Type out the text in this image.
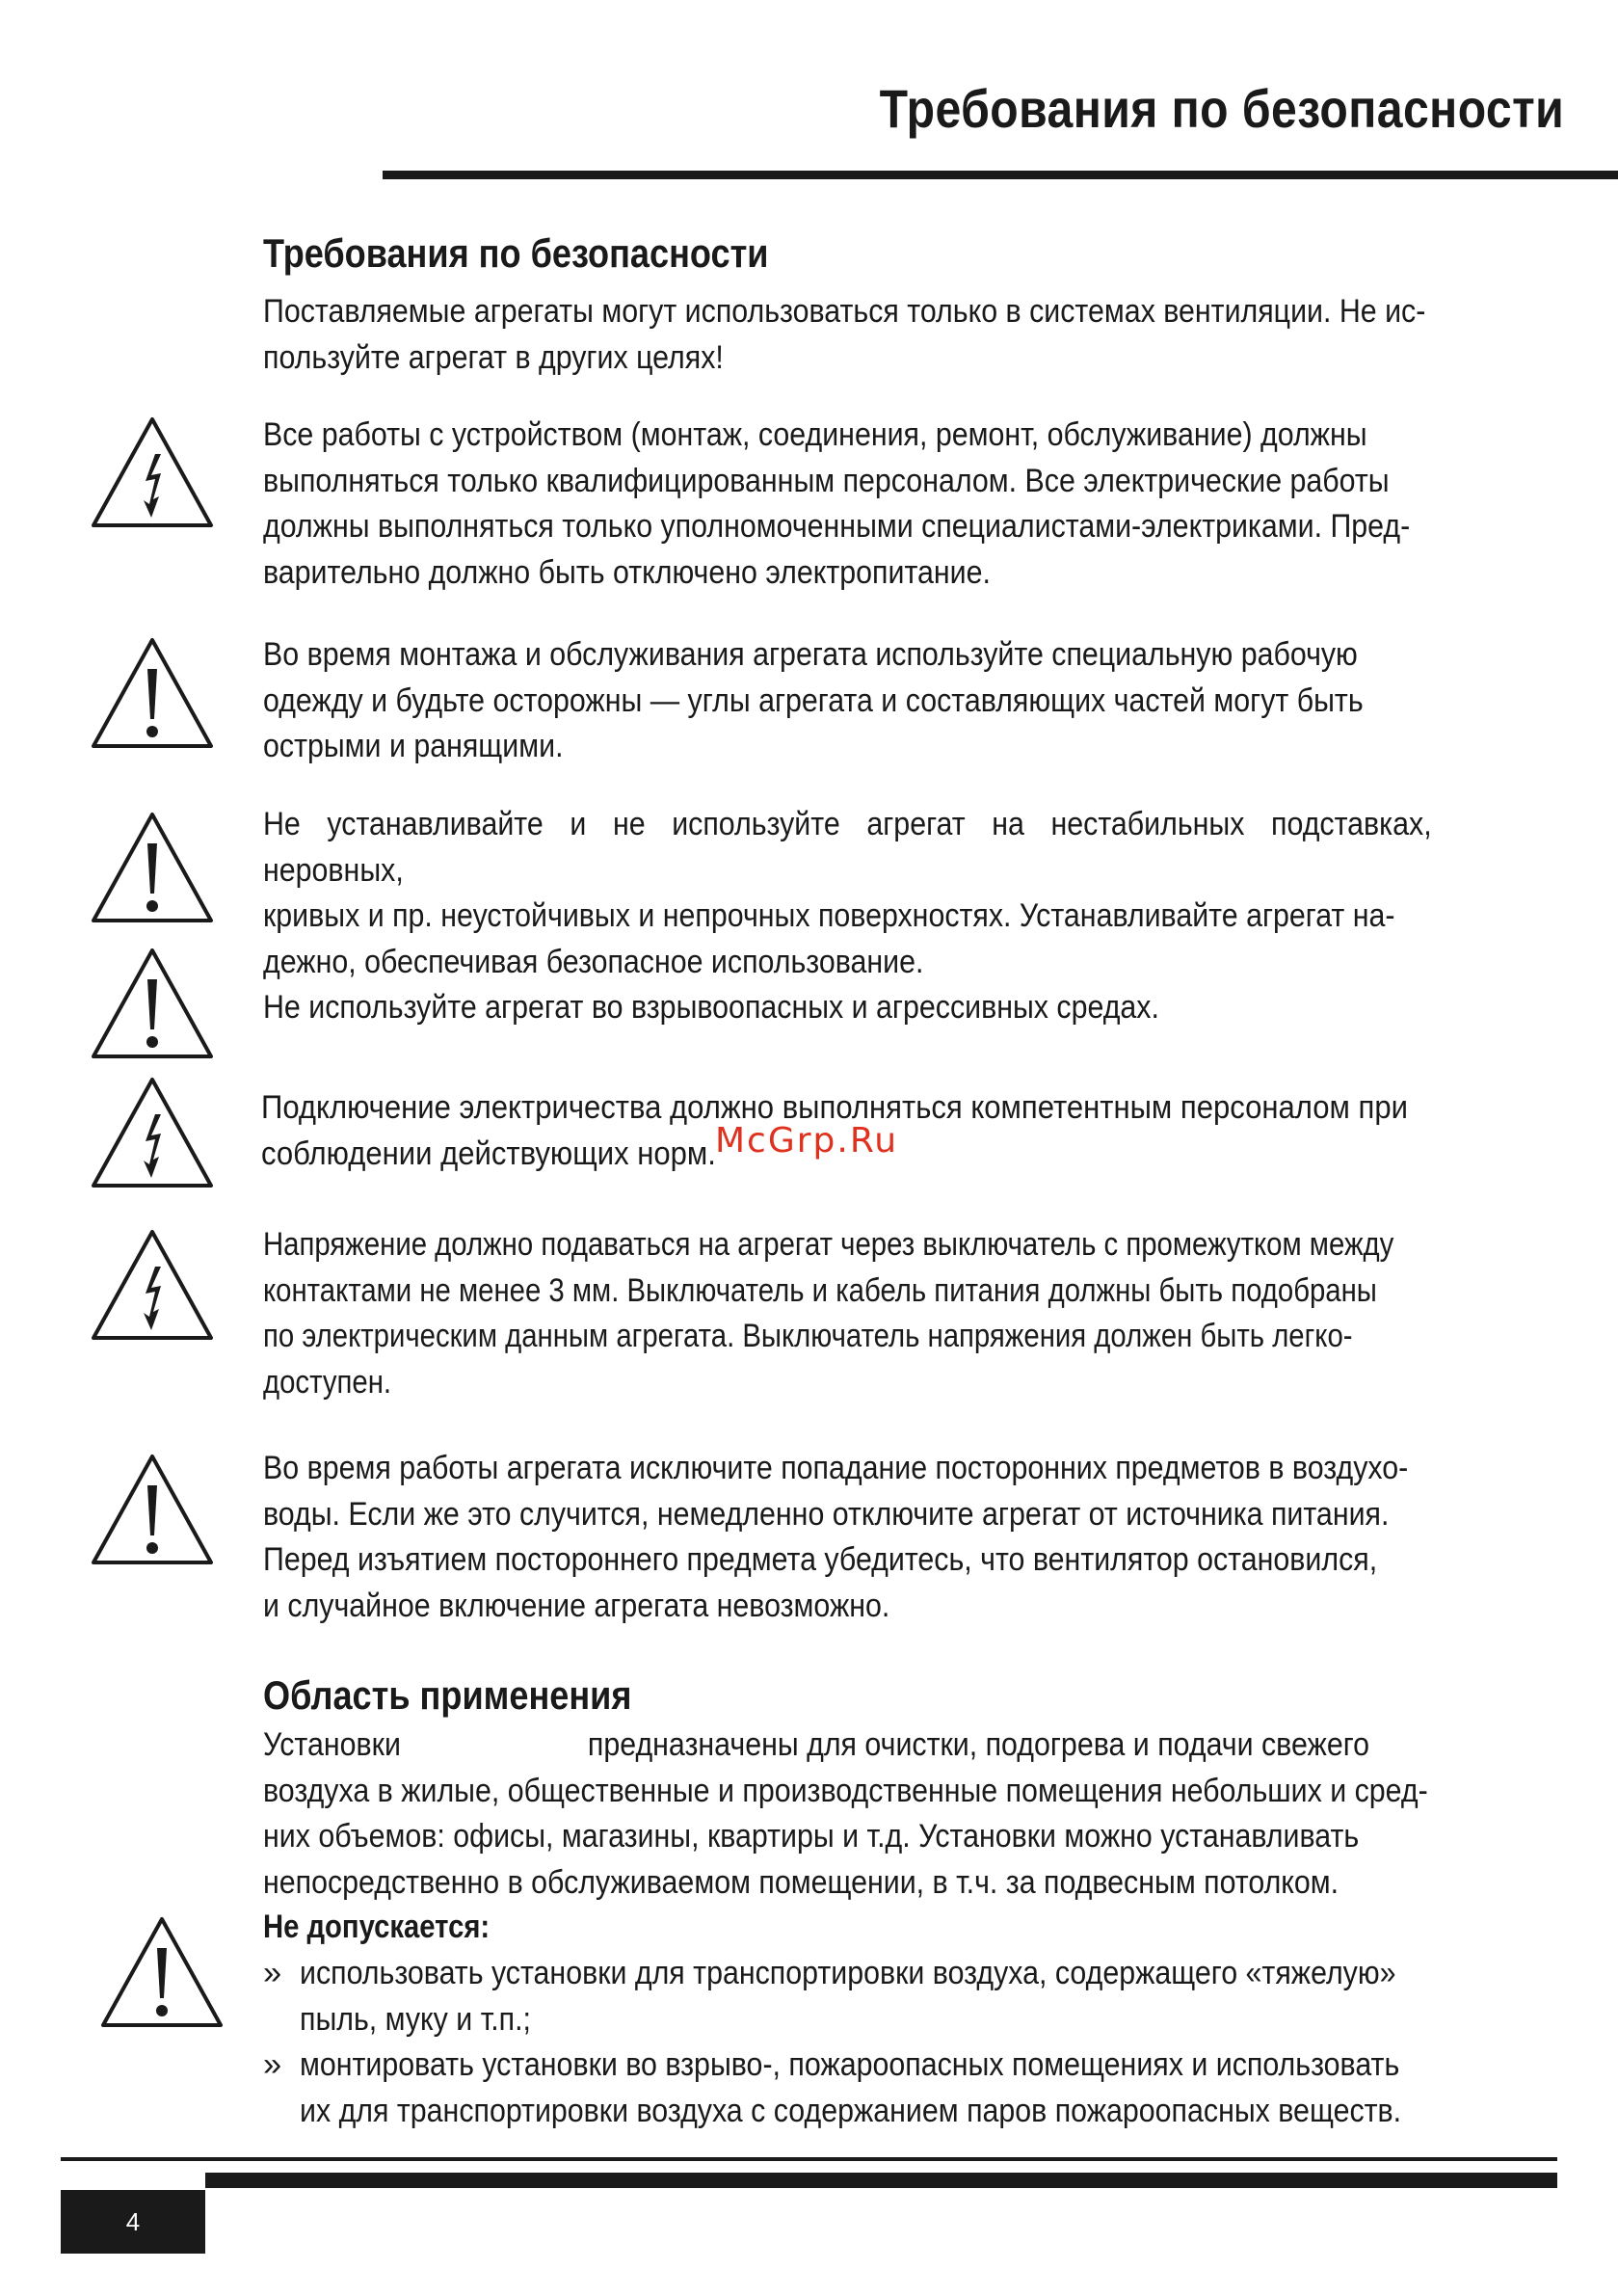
Требования по безопасности
Требования по безопасности

Поставляемые агрегаты могут использоваться только в системах вентиляции. Не ис-
пользуйте агрегат в других целях!

Все работы с устройством (монтаж, соединения, ремонт, обслуживание) должны
выполняться только квалифицированным персоналом. Все электрические работы
должны выполняться только уполномоченными специалистами-электриками. Пред-
варительно должно быть отключено электропитание.

Во время монтажа и обслуживания агрегата используйте специальную рабочую
одежду и будьте осторожны — углы агрегата и составляющих частей могут быть
острыми и ранящими.

Не устанавливайте и не используйте агрегат на нестабильных подставках, неровных,
кривых и пр. неустойчивых и непрочных поверхностях. Устанавливайте агрегат на-
дежно, обеспечивая безопасное использование.

Не используйте агрегат во взрывоопасных и агрессивных средах.

Подключение электричества должно выполняться компетентным персоналом при
соблюдении действующих норм. McGrp.Ru

Напряжение должно подаваться на агрегат через выключатель с промежутком между
контактами не менее 3 мм. Выключатель и кабель питания должны быть подобраны
по электрическим данным агрегата. Выключатель напряжения должен быть легко-
доступен.

Во время работы агрегата исключите попадание посторонних предметов в воздухо-
воды. Если же это случится, немедленно отключите агрегат от источника питания.
Перед изъятием постороннего предмета убедитесь, что вентилятор остановился,
и случайное включение агрегата невозможно.

Область применения

Установки                       предназначены для очистки, подогрева и подачи свежего
воздуха в жилые, общественные и производственные помещения небольших и сред-
них объемов: офисы, магазины, квартиры и т.д. Установки можно устанавливать
непосредственно в обслуживаемом помещении, в т.ч. за подвесным потолком.

Не допускается:
» использовать установки для транспортировки воздуха, содержащего «тяжелую»
пыль, муку и т.п.;
» монтировать установки во взрыво-, пожароопасных помещениях и использовать
их для транспортировки воздуха с содержанием паров пожароопасных веществ.
4
